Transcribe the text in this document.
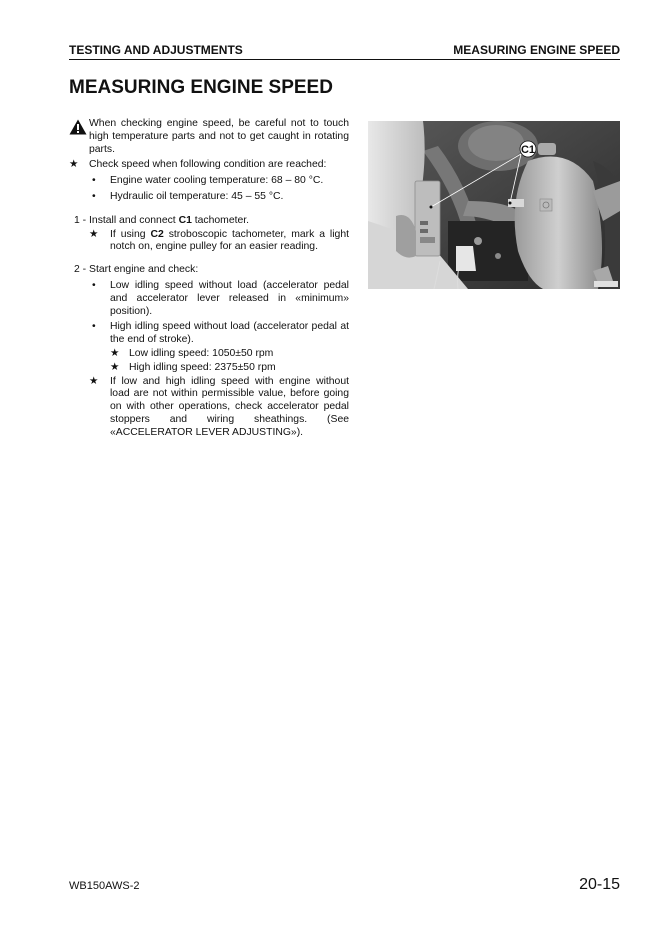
TESTING AND ADJUSTMENTS	MEASURING ENGINE SPEED
MEASURING ENGINE SPEED
When checking engine speed, be careful not to touch high temperature parts and not to get caught in rotating parts.
★ Check speed when following condition are reached:
• Engine water cooling temperature: 68 – 80 °C.
• Hydraulic oil temperature: 45 – 55 °C.
1 - Install and connect C1 tachometer.
★ If using C2 stroboscopic tachometer, mark a light notch on, engine pulley for an easier reading.
2 - Start engine and check:
• Low idling speed without load (accelerator pedal and accelerator lever released in «minimum» position).
• High idling speed without load (accelerator pedal at the end of stroke).
★ Low idling speed: 1050±50 rpm
★ High idling speed: 2375±50 rpm
★ If low and high idling speed with engine without load are not within permissible value, before going on with other operations, check accelerator pedal stoppers and wiring sheathings. (See «ACCELERATOR LEVER ADJUSTING»).
C1
WB150AWS-2	20-15
